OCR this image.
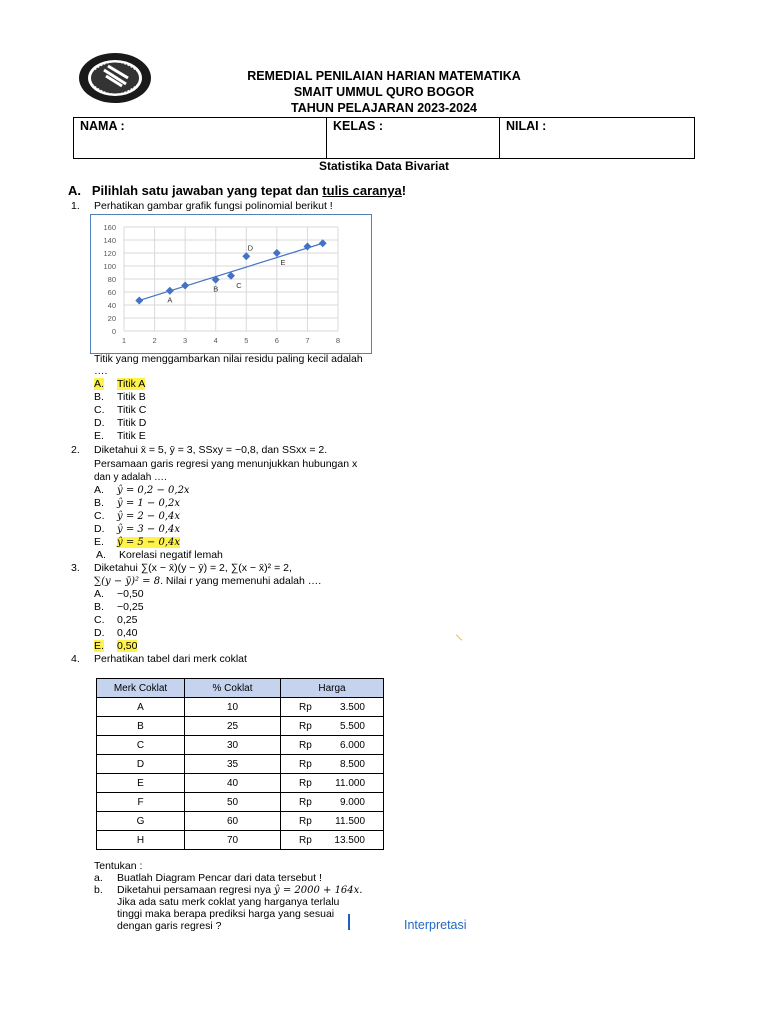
REMEDIAL PENILAIAN HARIAN MATEMATIKA
SMAIT UMMUL QURO BOGOR
TAHUN PELAJARAN 2023-2024
NAMA :	KELAS :	NILAI :
Statistika Data Bivariat
A. Pilihlah satu jawaban yang tepat dan tulis caranya!
1. Perhatikan gambar grafik fungsi polinomial berikut !
0
20
40
60
80
100
120
140
160
1	2	3	4	5	6	7	8
A
B C
D
E
Titik yang menggambarkan nilai residu paling kecil adalah
….
A. Titik A
B. Titik B
C. Titik C
D. Titik D
E. Titik E
2. Diketahui x̄ = 5, ȳ = 3, SSxy = −0,8, dan SSxx = 2.
Persamaan garis regresi yang menunjukkan hubungan x
dan y adalah ….
A. ŷ = 0,2 − 0,2x
B. ŷ = 1 − 0,2x
C. ŷ = 2 − 0,4x
D. ŷ = 3 − 0,4x
E. ŷ = 5 − 0,4x
A. Korelasi negatif lemah
3. Diketahui ∑(x − x̄)(y − ȳ) = 2, ∑(x − x̄)² = 2,
∑(y − ȳ)² = 8. Nilai r yang memenuhi adalah ….
A. −0,50
B. −0,25
C. 0,25
D. 0,40
E. 0,50
4. Perhatikan tabel dari merk coklat
Merk Coklat	% Coklat	Harga
A	10	Rp 3.500

B	25	Rp 5.500

C	30	Rp 6.000

D	35	Rp 8.500

E	40	Rp 11.000

F	50	Rp 9.000

G	60	Rp 11.500

H	70	Rp 13.500
Tentukan :
a. Buatlah Diagram Pencar dari data tersebut !
b. Diketahui persamaan regresi nya ŷ = 2000 + 164x.
Jika ada satu merk coklat yang harganya terlalu
tinggi maka berapa prediksi harga yang sesuai
dengan garis regresi ?	Interpretasi
